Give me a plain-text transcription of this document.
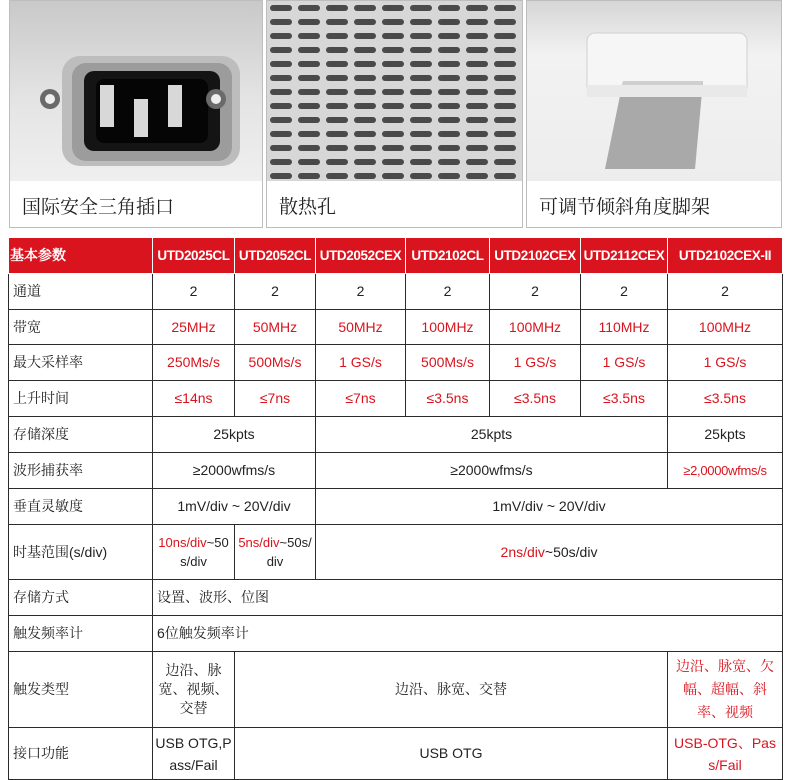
国际安全三角插口	散热孔	可调节倾斜角度脚架
基本参数	UTD2025CL	UTD2052CL	UTD2052CEX	UTD2102CL	UTD2102CEX	UTD2112CEX	UTD2102CEX-II
通道	2	2	2	2	2	2	2
带宽	25MHz	50MHz	50MHz	100MHz	100MHz	110MHz	100MHz
最大采样率	250Ms/s	500Ms/s	1 GS/s	500Ms/s	1 GS/s	1 GS/s	1 GS/s
上升时间	≤14ns	≤7ns	≤7ns	≤3.5ns	≤3.5ns	≤3.5ns	≤3.5ns
存储深度	25kpts		25kpts				25kpts
波形捕获率	≥2000wfms/s		≥2000wfms/s				≥2,0000wfms/s
垂直灵敏度	1mV/div ~ 20V/div		1mV/div ~ 20V/div				
时基范围(s/div)	10ns/div~50s/div	5ns/div~50s/div	2ns/div~50s/div				
存储方式	设置、波形、位图						
触发频率计	6位触发频率计						
触发类型	边沿、脉宽、视频、交替	边沿、脉宽、交替					边沿、脉宽、欠幅、超幅、斜率、视频
接口功能	USB OTG,Pass/Fail	USB OTG					USB-OTG、Pass/Fail
